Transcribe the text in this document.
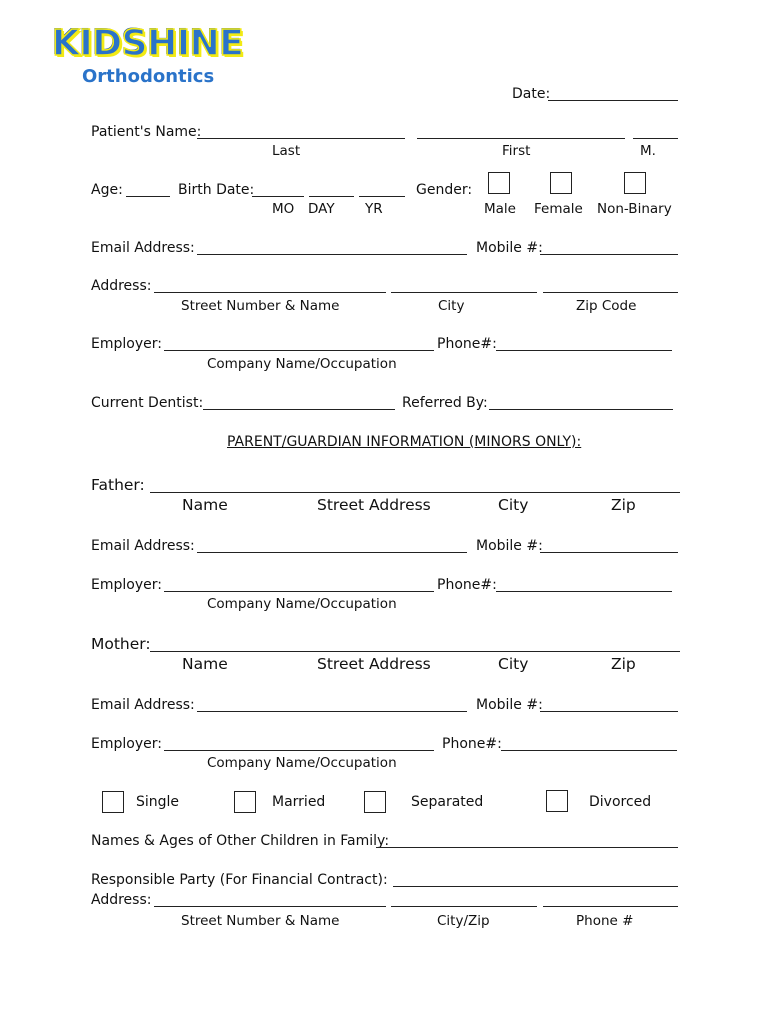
KIDSHINE
Orthodontics
Date:
Patient's Name:
Last	First	M.
Age:	Birth Date:
MO DAY YR
Gender:
Male Female Non-Binary
Email Address:	Mobile #:
Address:
Street Number & Name	City	Zip Code
Employer:	Phone#:
Company Name/Occupation
Current Dentist:	Referred By:
PARENT/GUARDIAN INFORMATION (MINORS ONLY):
Father:
Name	Street Address	City	Zip
Email Address:	Mobile #:
Employer:	Phone#:
Company Name/Occupation
Mother:
Name	Street Address	City	Zip
Email Address:	Mobile #:
Employer:	Phone#:
Company Name/Occupation
Single	Married	Separated	Divorced
Names & Ages of Other Children in Family:
Responsible Party (For Financial Contract):
Address:
Street Number & Name	City/Zip	Phone #
